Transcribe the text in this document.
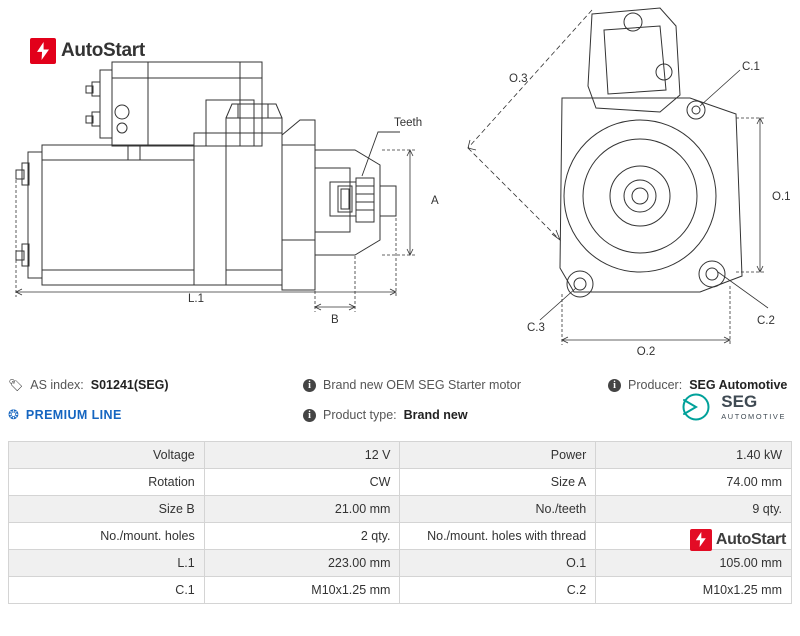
Teeth
A
L.1
B
O.3
O.1
O.2
C.1
C.2
C.3
AutoStart
🏷 AS index: S01241(SEG)
❂ PREMIUM LINE
i Brand new OEM SEG Starter motor
i Product type: Brand new
i Producer: SEG Automotive
SEG
AUTOMOTIVE
Voltage	12 V	Power	1.40 kW
Rotation	CW	Size A	74.00 mm
Size B	21.00 mm	No./teeth	9 qty.
No./mount. holes	2 qty.	No./mount. holes with thread	
L.1	223.00 mm	O.1	105.00 mm
C.1	M10x1.25 mm	C.2	M10x1.25 mm
AutoStart
